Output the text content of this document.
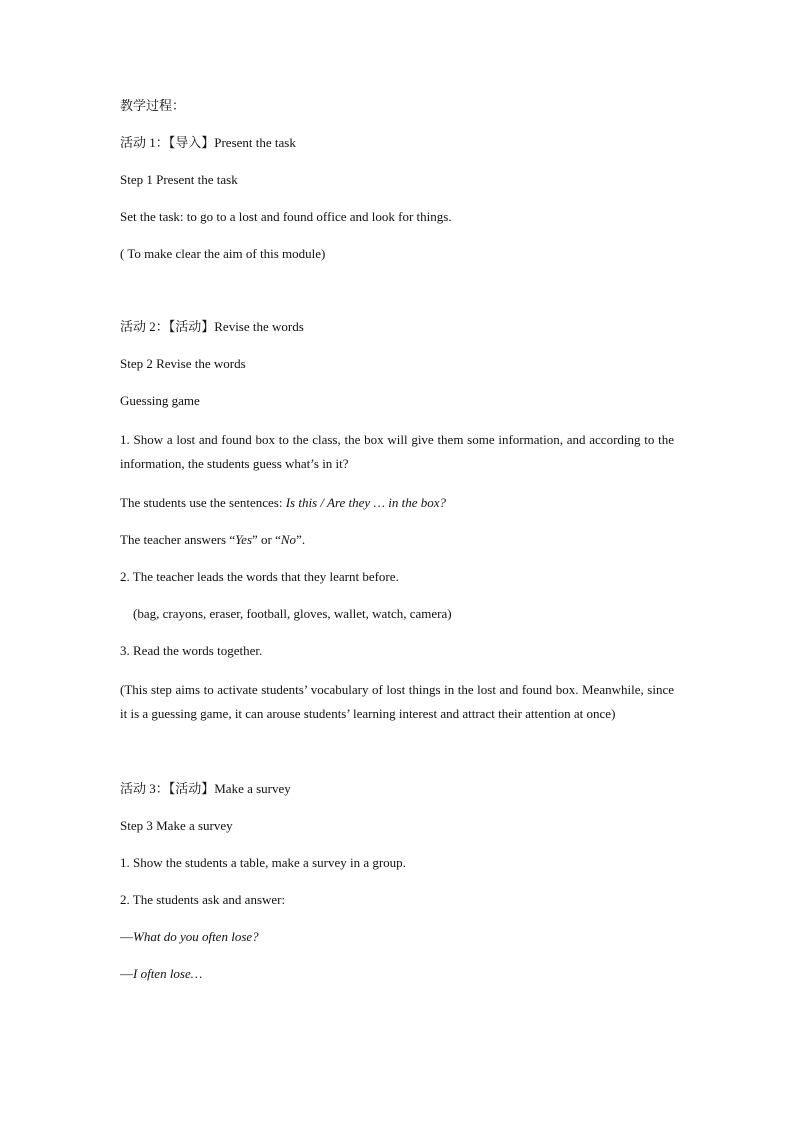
教学过程：

活动 1：【导入】Present the task

Step 1 Present the task

Set the task: to go to a lost and found office and look for things.

( To make clear the aim of this module)

活动 2：【活动】Revise the words

Step 2 Revise the words

Guessing game

1. Show a lost and found box to the class, the box will give them some information, and according to the information, the students guess what’s in it?

The students use the sentences: Is this / Are they … in the box?

The teacher answers “Yes” or “No”.

2. The teacher leads the words that they learnt before.

(bag, crayons, eraser, football, gloves, wallet, watch, camera)

3. Read the words together.

(This step aims to activate students’ vocabulary of lost things in the lost and found box. Meanwhile, since it is a guessing game, it can arouse students’ learning interest and attract their attention at once)

活动 3：【活动】Make a survey

Step 3 Make a survey

1. Show the students a table, make a survey in a group.

2. The students ask and answer:

—What do you often lose?

—I often lose…
